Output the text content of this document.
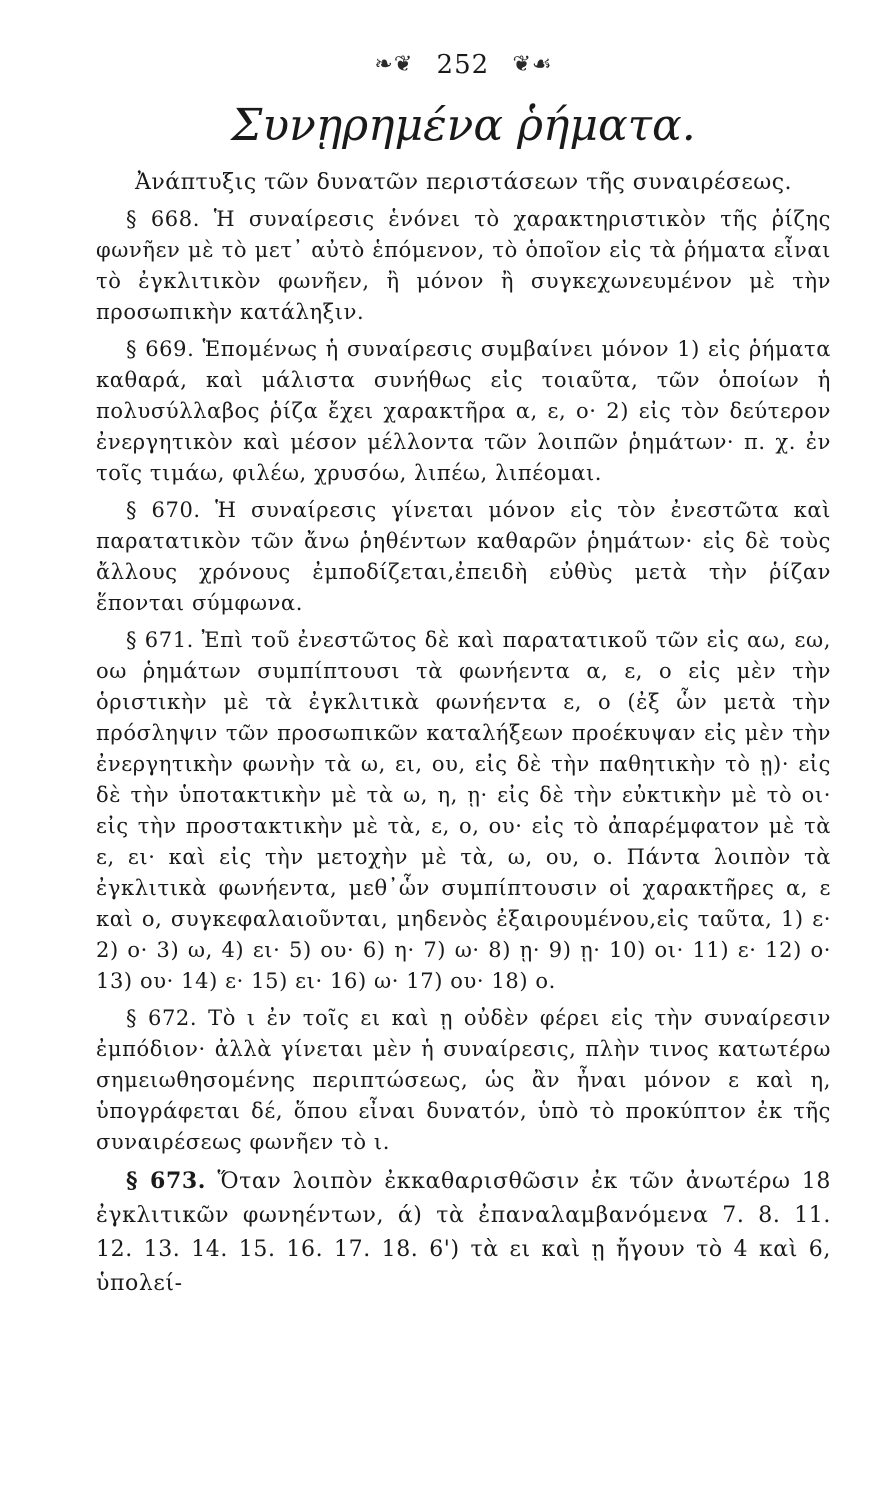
❧❦ 252 ❦☙
Συνῃρημένα ῥήματα.
Ἀνάπτυξις τῶν δυνατῶν περιστάσεων τῆς συναιρέσεως.

§ 668. Ἡ συναίρεσις ἑνόνει τὸ χαρακτηριστικὸν τῆς ῥίζης φωνῆεν μὲ τὸ μετ᾽ αὐτὸ ἑπόμενον, τὸ ὁποῖον εἰς τὰ ῥήματα εἶναι τὸ ἐγκλιτικὸν φωνῆεν, ἢ μόνον ἢ συγκεχωνευμένον μὲ τὴν προσωπικὴν κατάληξιν.

§ 669. Ἑπομένως ἡ συναίρεσις συμβαίνει μόνον 1) εἰς ῥήματα καθαρά, καὶ μάλιστα συνήθως εἰς τοιαῦτα, τῶν ὁποίων ἡ πολυσύλλαβος ῥίζα ἔχει χαρακτῆρα α, ε, ο· 2) εἰς τὸν δεύτερον ἐνεργητικὸν καὶ μέσον μέλλοντα τῶν λοιπῶν ῥημάτων· π. χ. ἐν τοῖς τιμάω, φιλέω, χρυσόω, λιπέω, λιπέομαι.

§ 670. Ἡ συναίρεσις γίνεται μόνον εἰς τὸν ἐνεστῶτα καὶ παρατατικὸν τῶν ἄνω ῥηθέντων καθαρῶν ῥημάτων· εἰς δὲ τοὺς ἄλλους χρόνους ἐμποδίζεται,ἐπειδὴ εὐθὺς μετὰ τὴν ῥίζαν ἕπονται σύμφωνα.

§ 671. Ἐπὶ τοῦ ἐνεστῶτος δὲ καὶ παρατατικοῦ τῶν εἰς αω, εω, οω ῥημάτων συμπίπτουσι τὰ φωνήεντα α, ε, ο εἰς μὲν τὴν ὁριστικὴν μὲ τὰ ἐγκλιτικὰ φωνήεντα ε, ο (ἐξ ὧν μετὰ τὴν πρόσληψιν τῶν προσωπικῶν καταλήξεων προέκυψαν εἰς μὲν τὴν ἐνεργητικὴν φωνὴν τὰ ω, ει, ου, εἰς δὲ τὴν παθητικὴν τὸ ῃ)· εἰς δὲ τὴν ὑποτακτικὴν μὲ τὰ ω, η, ῃ· εἰς δὲ τὴν εὐκτικὴν μὲ τὸ οι· εἰς τὴν προστακτικὴν μὲ τὰ, ε, ο, ου· εἰς τὸ ἀπαρέμφατον μὲ τὰ ε, ει· καὶ εἰς τὴν μετοχὴν μὲ τὰ, ω, ου, ο. Πάντα λοιπὸν τὰ ἐγκλιτικὰ φωνήεντα, μεθ᾽ὧν συμπίπτουσιν οἱ χαρακτῆρες α, ε καὶ ο, συγκεφαλαιοῦνται, μηδενὸς ἐξαιρουμένου,εἰς ταῦτα, 1) ε· 2) ο· 3) ω, 4) ει· 5) ου· 6) η· 7) ω· 8) ῃ· 9) ῃ· 10) οι· 11) ε· 12) ο· 13) ου· 14) ε· 15) ει· 16) ω· 17) ου· 18) ο.

§ 672. Τὸ ι ἐν τοῖς ει καὶ ῃ οὐδὲν φέρει εἰς τὴν συναίρεσιν ἐμπόδιον· ἀλλὰ γίνεται μὲν ἡ συναίρεσις, πλὴν τινος κατωτέρω σημειωθησομένης περιπτώσεως, ὡς ἂν ἦναι μόνον ε καὶ η, ὑπογράφεται δέ, ὅπου εἶναι δυνατόν, ὑπὸ τὸ προκύπτον ἐκ τῆς συναιρέσεως φωνῆεν τὸ ι.

§ 673. Ὅταν λοιπὸν ἐκκαθαρισθῶσιν ἐκ τῶν ἀνωτέρω 18 ἐγκλιτικῶν φωνηέντων, ά) τὰ ἐπαναλαμβανόμενα 7. 8. 11. 12. 13. 14. 15. 16. 17. 18. 6') τὰ ει καὶ ῃ ἤγουν τὸ 4 καὶ 6, ὑπολεί-
